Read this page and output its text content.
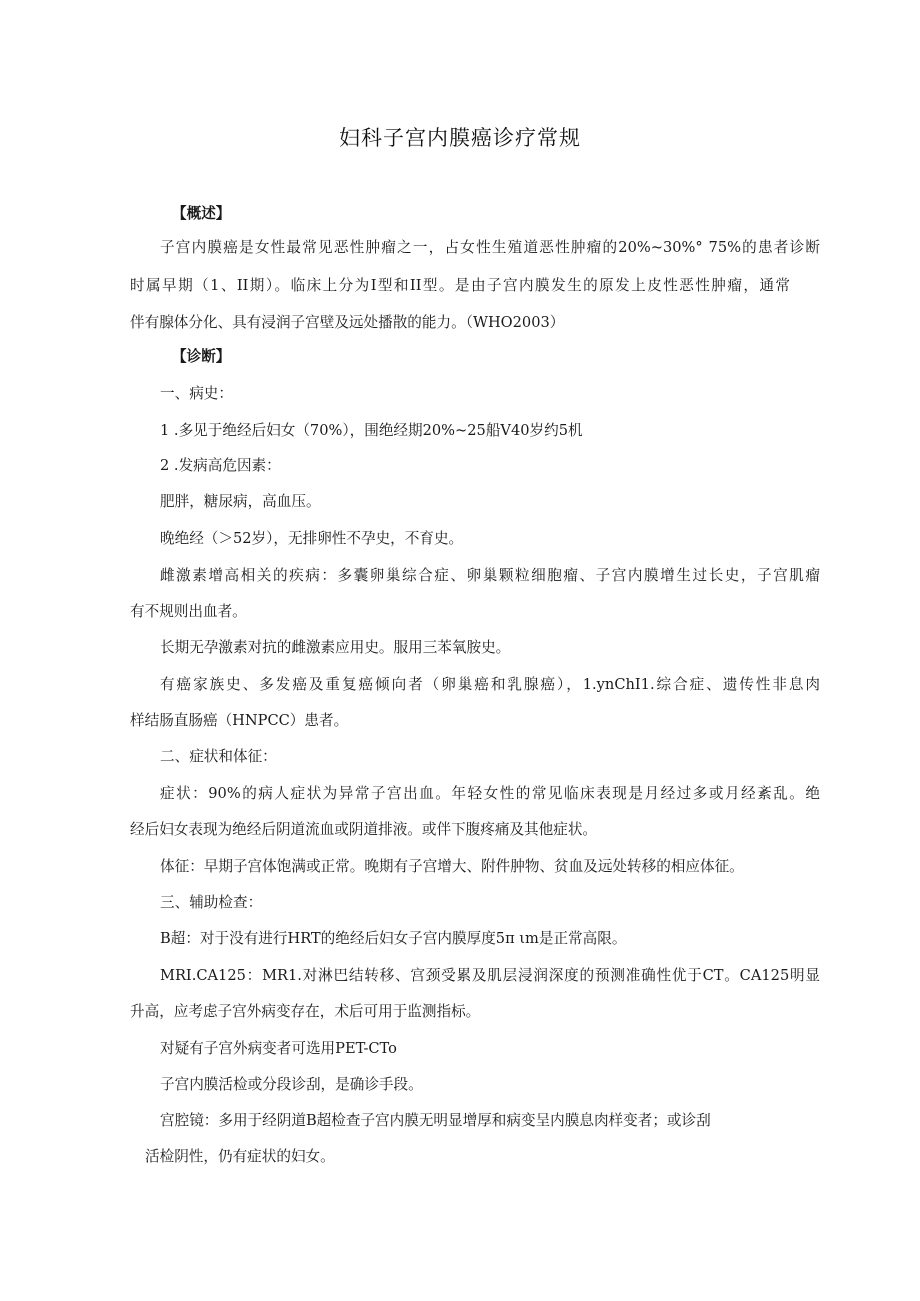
妇科子宫内膜癌诊疗常规
【概述】
子宫内膜癌是女性最常见恶性肿瘤之一，占女性生殖道恶性肿瘤的20%~30%° 75%的患者诊断
时属早期（1、II期）。临床上分为I型和II型。是由子宫内膜发生的原发上皮性恶性肿瘤，通常
伴有腺体分化、具有浸润子宫壁及远处播散的能力。（WHO2003）
【诊断】
一、病史：
1 .多见于绝经后妇女（70%），围绝经期20%~25船V40岁约5机
2 .发病高危因素：
肥胖，糖尿病，高血压。
晚绝经（＞52岁），无排卵性不孕史，不育史。
雌激素增高相关的疾病：多囊卵巢综合症、卵巢颗粒细胞瘤、子宫内膜增生过长史，子宫肌瘤
有不规则出血者。
长期无孕激素对抗的雌激素应用史。服用三苯氧胺史。
有癌家族史、多发癌及重复癌倾向者（卵巢癌和乳腺癌），1.ynChI1.综合症、遗传性非息肉
样结肠直肠癌（HNPCC）患者。
二、症状和体征：
症状：90%的病人症状为异常子宫出血。年轻女性的常见临床表现是月经过多或月经紊乱。绝
经后妇女表现为绝经后阴道流血或阴道排液。或伴下腹疼痛及其他症状。
体征：早期子宫体饱满或正常。晚期有子宫增大、附件肿物、贫血及远处转移的相应体征。
三、辅助检查：
B超：对于没有进行HRT的绝经后妇女子宫内膜厚度5π ιm是正常高限。
MRI.CA125：MR1.对淋巴结转移、宫颈受累及肌层浸润深度的预测准确性优于CT。CA125明显
升高，应考虑子宫外病变存在，术后可用于监测指标。
对疑有子宫外病变者可选用PET-CTo
子宫内膜活检或分段诊刮，是确诊手段。
宫腔镜：多用于经阴道B超检查子宫内膜无明显增厚和病变呈内膜息肉样变者；或诊刮
活检阴性，仍有症状的妇女。
